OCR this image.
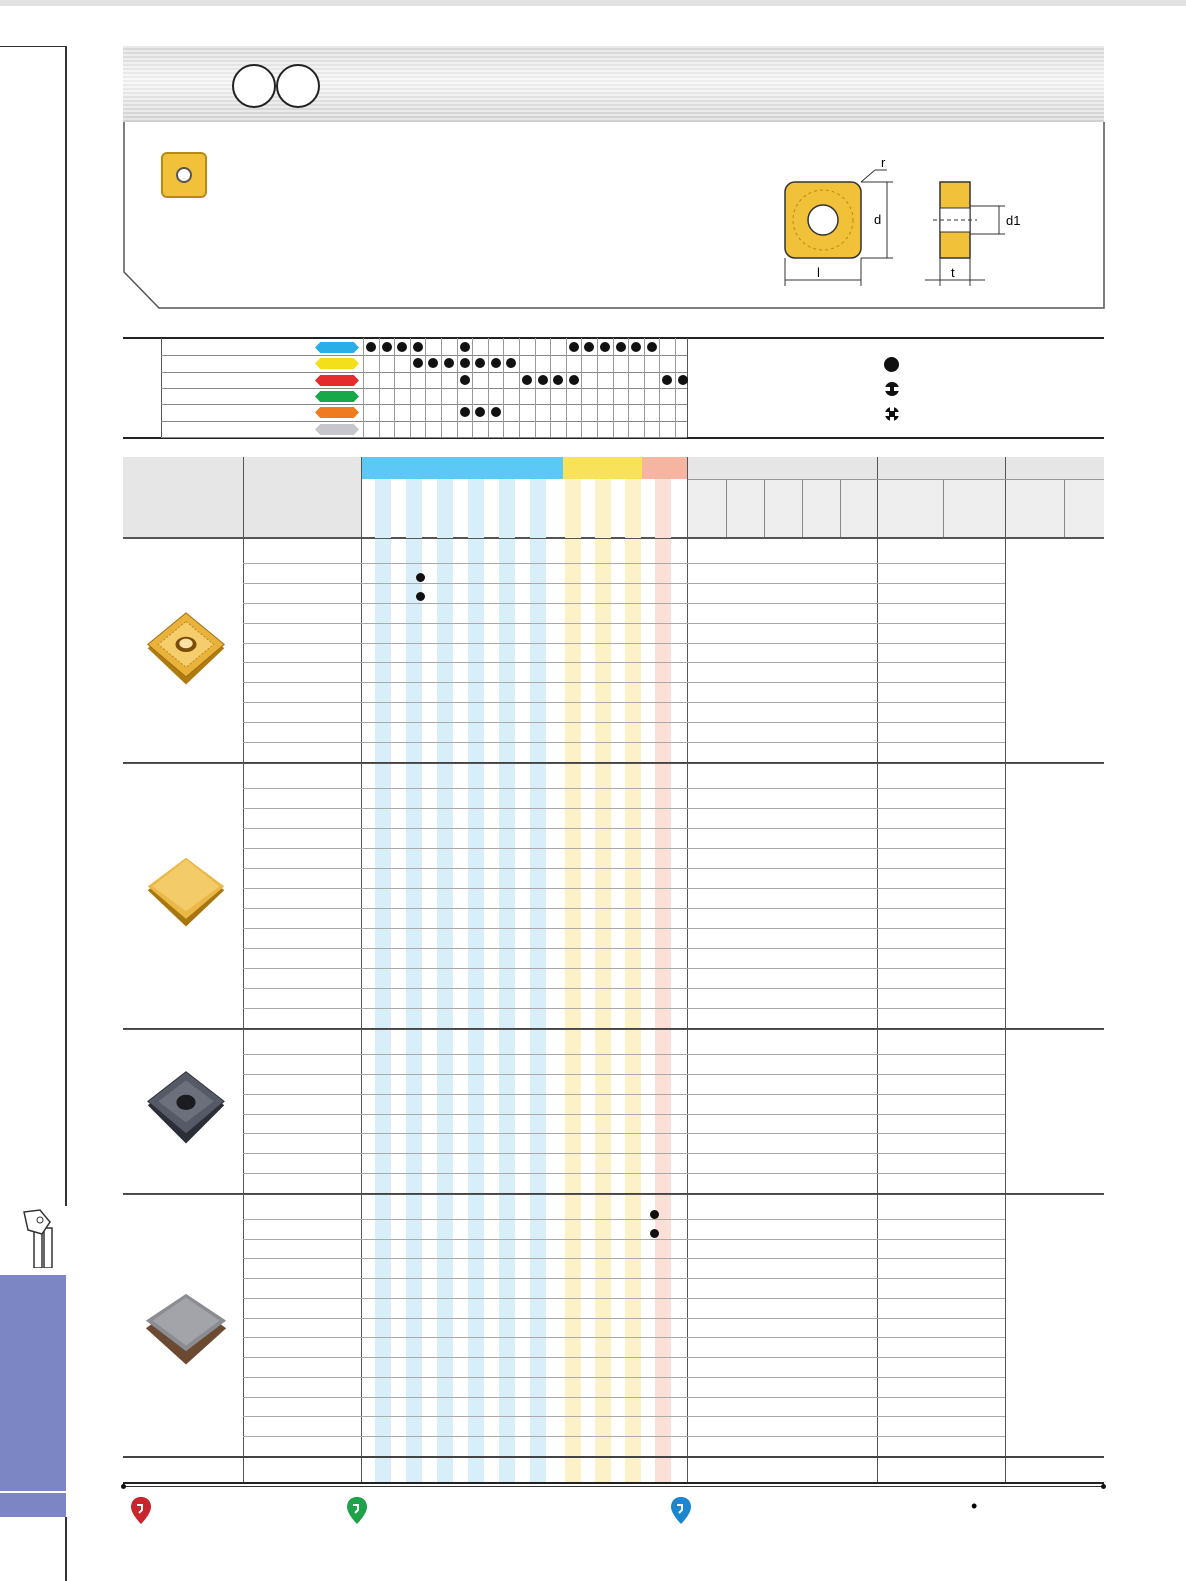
r
d
l
d1
t
•
